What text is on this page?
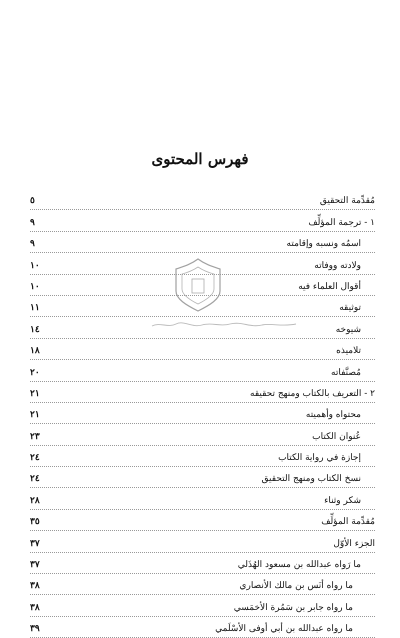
فهرس المحتوى
مُقدِّمة التحقيق
٥
١ - ترجمة المؤلِّف
٩
اسمُه ونسبه وإقامته
٩
ولادته ووفاته
١٠
أقوال العلماء فيه
١٠
توثيقه
١١
شيوخه
١٤
تلاميذه
١٨
مُصنَّفاته
٢٠
٢ - التعريف بالكتاب ومنهج تحقيقه
٢١
محتواه وأهميته
٢١
عُنوان الكتاب
٢٣
إجازة في رواية الكتاب
٢٤
نسخ الكتاب ومنهج التحقيق
٢٤
شكر وثناء
٢٨
مُقدِّمة المؤلِّف
٣٥
الجزء الأوّل
٣٧
ما رَواه عبدالله بن مسعود الهُذَلي
٣٧
ما رواه أنَس بن مالك الأنصاري
٣٨
ما رواه جابر بن سَمُرة الأخمَسي
٣٨
ما رواه عبدالله بن أبي أوفى الأسْلَمي
٣٩
